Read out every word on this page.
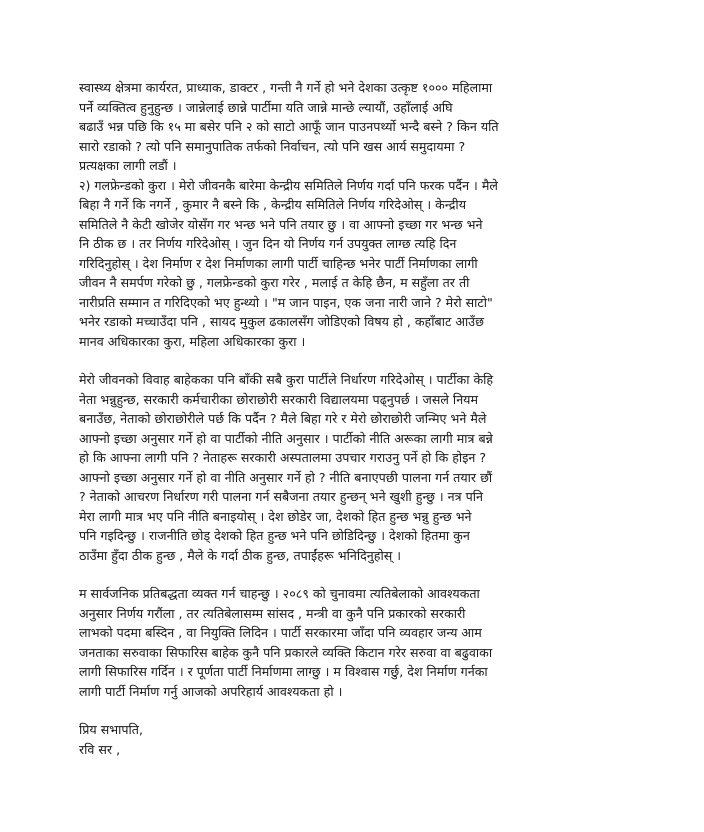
स्वास्थ्य क्षेत्रमा कार्यरत, प्राध्याक, डाक्टर , गन्ती नै गर्ने हो भने देशका उत्कृष्ट १००० महिलामा
पर्ने व्यक्तित्व हुनुहुन्छ । जान्नेलाई छान्ने पार्टीमा यति जान्ने मान्छे ल्यायौं, उहाँलाई अघि
बढाउँ भन्न पछि कि १५ मा बसेर पनि २ को साटो आफूँ जान पाउनपर्थ्यो भन्दै बस्ने ? किन यति
सारो रडाको ? त्यो पनि समानुपातिक तर्फको निर्वाचन, त्यो पनि खस आर्य समुदायमा ?
प्रत्यक्षका लागी लडौं ।
२) गलफ्रेन्डको कुरा । मेरो जीवनकै बारेमा केन्द्रीय समितिले निर्णय गर्दा पनि फरक पर्दैन । मैले
बिहा नै गर्ने कि नगर्ने , कुमार नै बस्ने कि , केन्द्रीय समितिले निर्णय गरिदेओस् । केन्द्रीय
समितिले नै केटी खोजेर योसँग गर भन्छ भने पनि तयार छु । वा आफ्नो इच्छा गर भन्छ भने
नि ठीक छ । तर निर्णय गरिदेओस् । जुन दिन यो निर्णय गर्न उपयुक्त लाग्छ त्यहि दिन
गरिदिनुहोस् । देश निर्माण र देश निर्माणका लागी पार्टी चाहिन्छ भनेर पार्टी निर्माणका लागी
जीवन नै समर्पण गरेको छु , गलफ्रेन्डको कुरा गरेर , मलाई त केहि छैन, म सहुँला तर ती
नारीप्रति सम्मान त गरिदिएको भए हुन्थ्यो । "म जान पाइन, एक जना नारी जाने ? मेरो साटो"
भनेर रडाको मच्चाउँदा पनि , सायद मुकुल ढकालसँग जोडिएको विषय हो , कहाँबाट आउँछ
मानव अधिकारका कुरा, महिला अधिकारका कुरा ।
मेरो जीवनको विवाह बाहेकका पनि बाँकी सबै कुरा पार्टीले निर्धारण गरिदेओस् । पार्टीका केहि
नेता भन्नुहुन्छ, सरकारी कर्मचारीका छोराछोरी सरकारी विद्यालयमा पढ्नुपर्छ । जसले नियम
बनाउँछ, नेताको छोराछोरीले पर्छ कि पर्दैन ? मैले बिहा गरे र मेरो छोराछोरी जन्मिए भने मैले
आफ्नो इच्छा अनुसार गर्ने हो वा पार्टीको नीति अनुसार । पार्टीको नीति अरूका लागी मात्र बन्ने
हो कि आफ्ना लागी पनि ? नेताहरू सरकारी अस्पतालमा उपचार गराउनु पर्ने हो कि होइन ?
आफ्नो इच्छा अनुसार गर्ने हो वा नीति अनुसार गर्ने हो ? नीति बनाएपछी पालना गर्न तयार छौं
? नेताको आचरण निर्धारण गरी पालना गर्न सबैजना तयार हुन्छन् भने खुशी हुन्छु । नत्र पनि
मेरा लागी मात्र भए पनि नीति बनाइयोस् । देश छोडेर जा, देशको हित हुन्छ भन्नु हुन्छ भने
पनि गइदिन्छु । राजनीति छोड् देशको हित हुन्छ भने पनि छोडिदिन्छु । देशको हितमा कुन
ठाउँमा हुँदा ठीक हुन्छ , मैले के गर्दा ठीक हुन्छ, तपाईंहरू भनिदिनुहोस् ।
म सार्वजनिक प्रतिबद्धता व्यक्त गर्न चाहन्छु । २०८९ को चुनावमा त्यतिबेलाको आवश्यकता
अनुसार निर्णय गरौंला , तर त्यतिबेलासम्म सांसद , मन्त्री वा कुनै पनि प्रकारको सरकारी
लाभको पदमा बस्दिन , वा नियुक्ति लिदिन । पार्टी सरकारमा जाँदा पनि व्यवहार जन्य आम
जनताका सरुवाका सिफारिस बाहेक कुनै पनि प्रकारले व्यक्ति किटान गरेर सरुवा वा बढुवाका
लागी सिफारिस गर्दिन । र पूर्णता पार्टी निर्माणमा लाग्छु । म विश्वास गर्छु, देश निर्माण गर्नका
लागी पार्टी निर्माण गर्नु आजको अपरिहार्य आवश्यकता हो ।
प्रिय सभापति,
रवि सर ,
